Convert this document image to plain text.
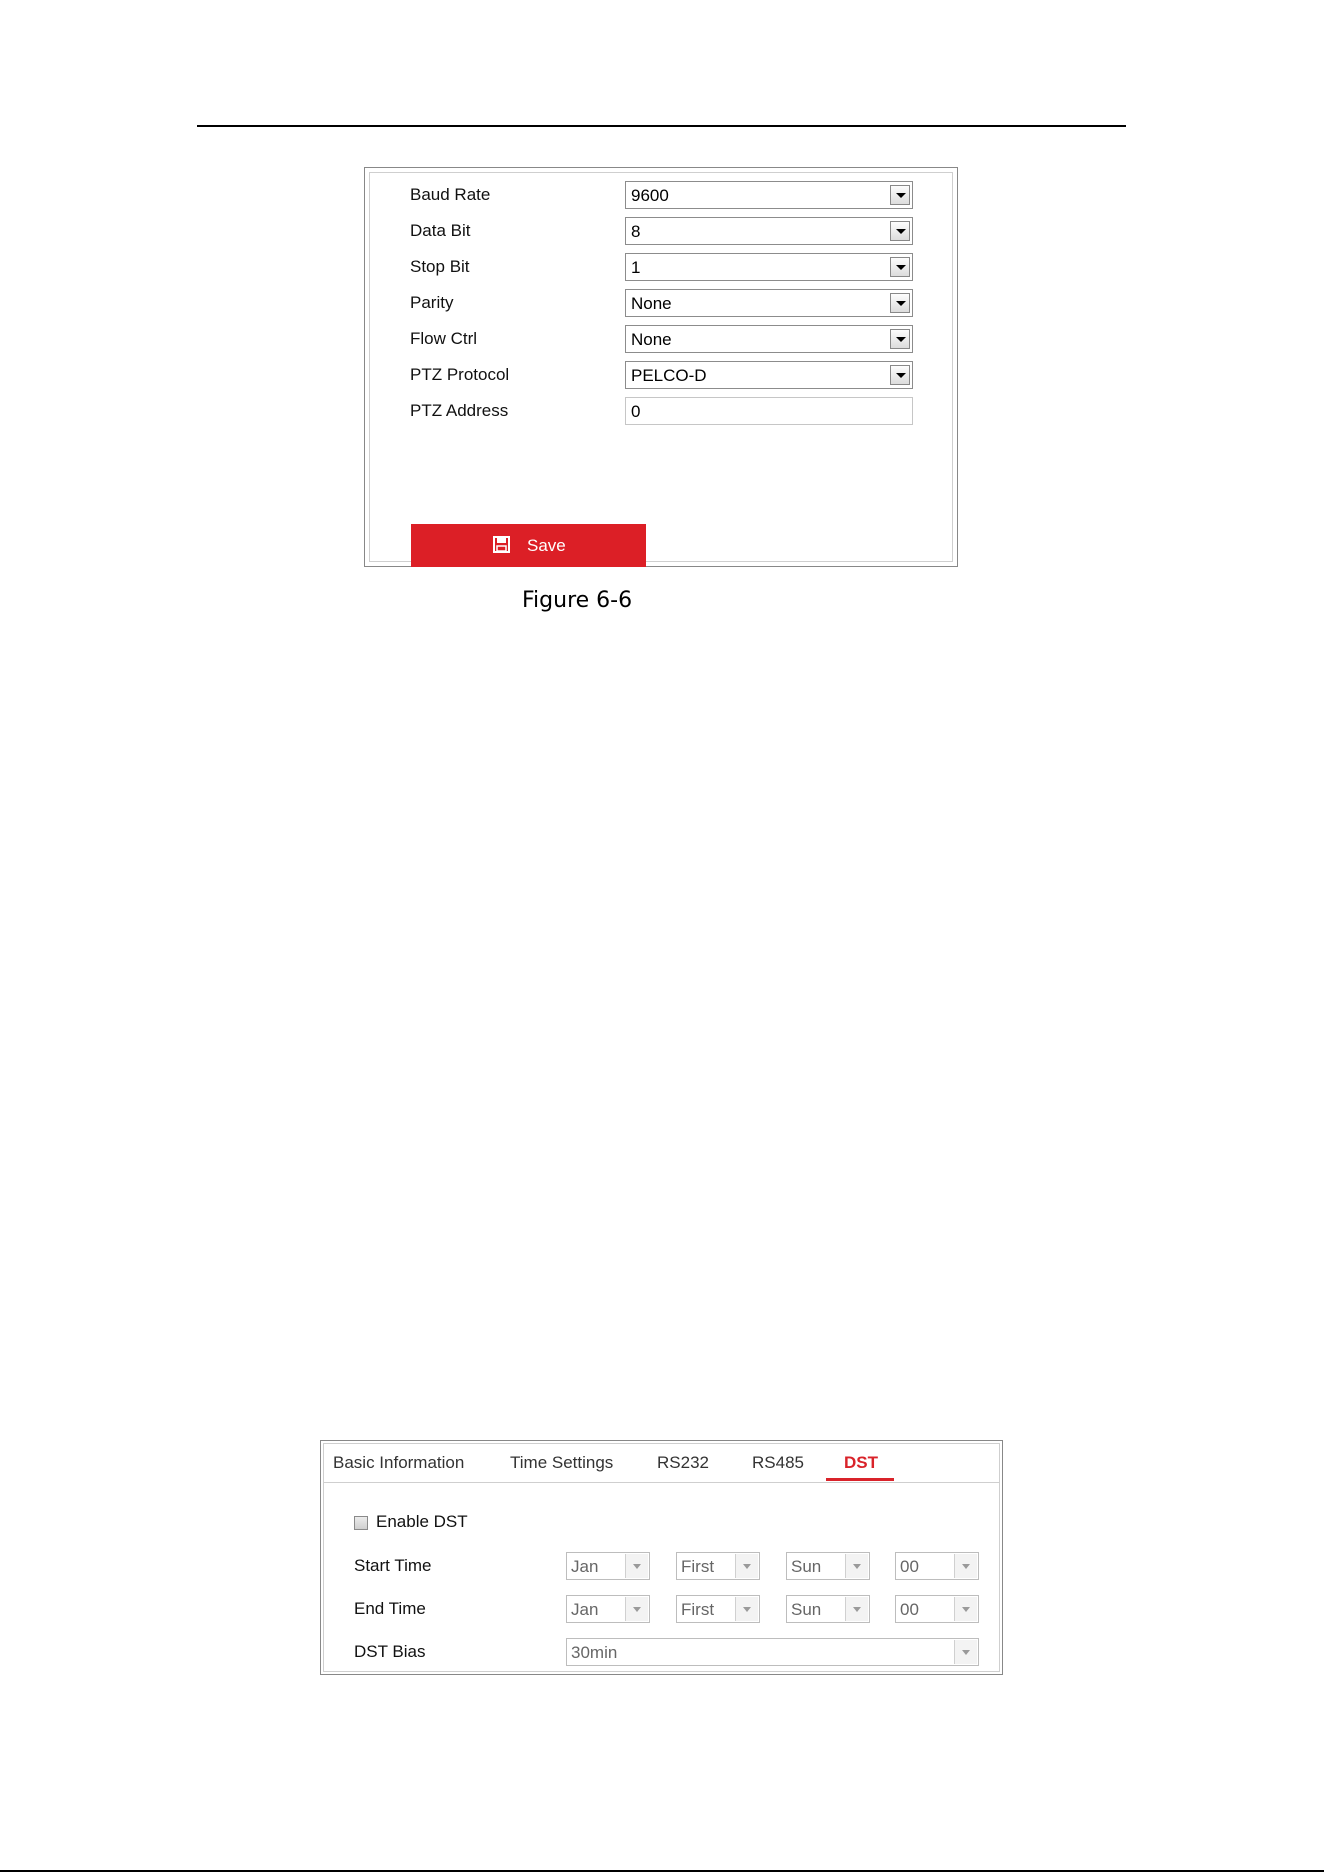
Baud Rate	9600
Data Bit	8
Stop Bit	1
Parity	None
Flow Ctrl	None
PTZ Protocol	PELCO-D
PTZ Address	0
Save
Figure 6-6
Basic Information	Time Settings	RS232	RS485 DST
Enable DST
Start Time	Jan	First	Sun	00
End Time	Jan	First	Sun	00
DST Bias	30min
